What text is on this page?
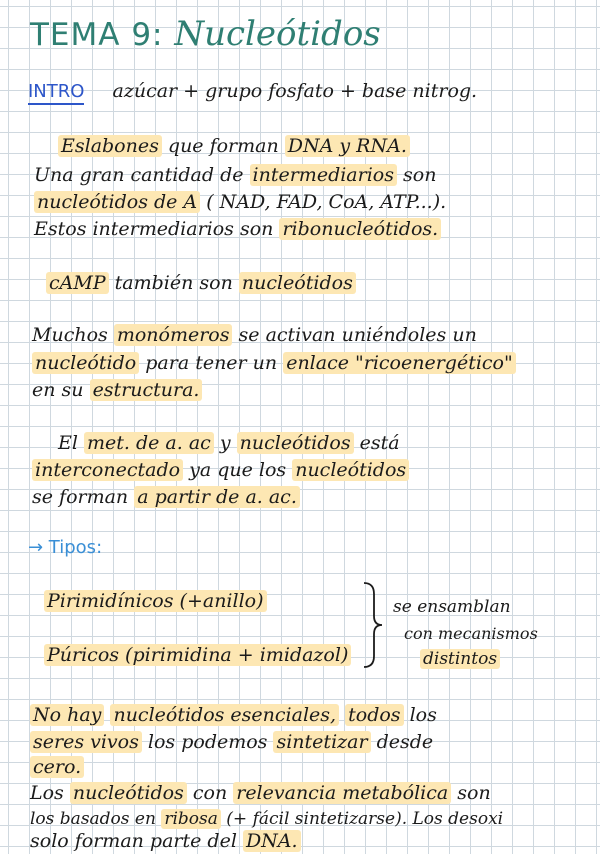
TEMA 9: Nucleótidos
INTRO azúcar + grupo fosfato + base nitrog.
Eslabones que forman DNA y RNA.
Una gran cantidad de intermediarios son
nucleótidos de A ( NAD, FAD, CoA, ATP...).
Estos intermediarios son ribonucleótidos.
cAMP también son nucleótidos
Muchos monómeros se activan uniéndoles un
nucleótido para tener un enlace "ricoenergético"
en su estructura.
El met. de a. ac y nucleótidos está
interconectado ya que los nucleótidos
se forman a partir de a. ac.
→ Tipos:
Pirimidínicos (+anillo)
Púricos (pirimidina + imidazol)
se ensamblan
con mecanismos
distintos
No hay nucleótidos esenciales, todos los
seres vivos los podemos sintetizar desde
cero.
Los nucleótidos con relevancia metabólica son
los basados en ribosa (+ fácil sintetizarse). Los desoxi
solo forman parte del DNA.
